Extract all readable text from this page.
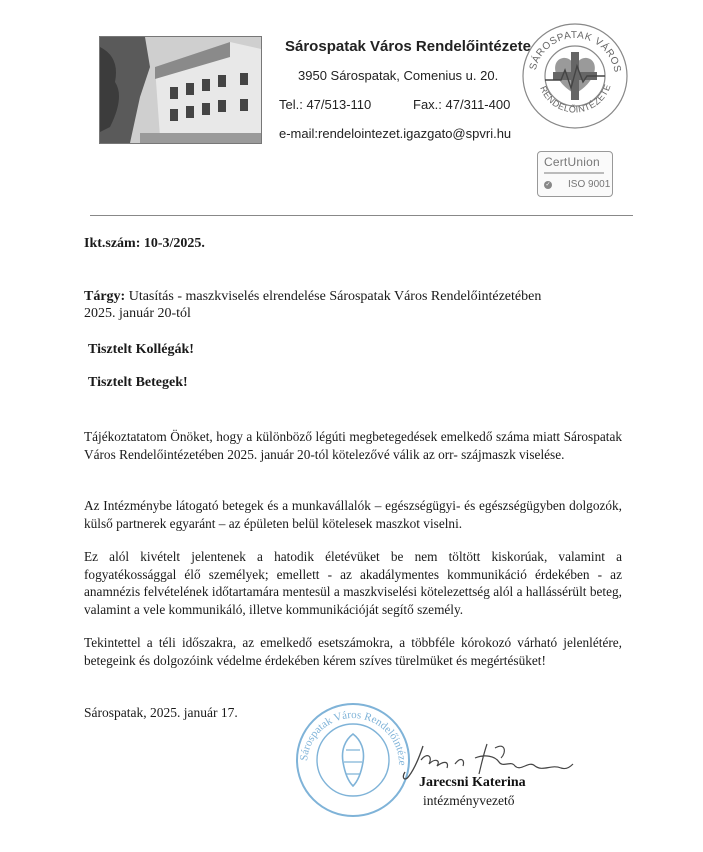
Sárospatak Város Rendelőintézete
3950 Sárospatak, Comenius u. 20.
Tel.: 47/513-110	Fax.: 47/311-400
e-mail:rendelointezet.igazgato@spvri.hu
SÁROSPATAK VÁROS
RENDELŐINTÉZETE
CertUnion
✓ ISO 9001
Ikt.szám: 10-3/2025.
Tárgy: Utasítás - maszkviselés elrendelése Sárospatak Város Rendelőintézetében
2025. január 20-tól
Tisztelt Kollégák!
Tisztelt Betegek!
Tájékoztatatom Önöket, hogy a különböző légúti megbetegedések emelkedő száma miatt Sárospatak Város Rendelőintézetében 2025. január 20-tól kötelezővé válik az orr- szájmaszk viselése.
Az Intézménybe látogató betegek és a munkavállalók – egészségügyi- és egészségügyben dolgozók, külső partnerek egyaránt – az épületen belül kötelesek maszkot viselni.
Ez alól kivételt jelentenek a hatodik életévüket be nem töltött kiskorúak, valamint a fogyatékossággal élő személyek; emellett - az akadálymentes kommunikáció érdekében - az anamnézis felvételének időtartamára mentesül a maszkviselési kötelezettség alól a hallássérült beteg, valamint a vele kommunikáló, illetve kommunikációját segítő személy.
Tekintettel a téli időszakra, az emelkedő esetszámokra, a többféle kórokozó várható jelenlétére, betegeink és dolgozóink védelme érdekében kérem szíves türelmüket és megértésüket!
Sárospatak, 2025. január 17.
Sárospatak Város Rendelőintéze
Jarecsni Katerina
intézményvezető
